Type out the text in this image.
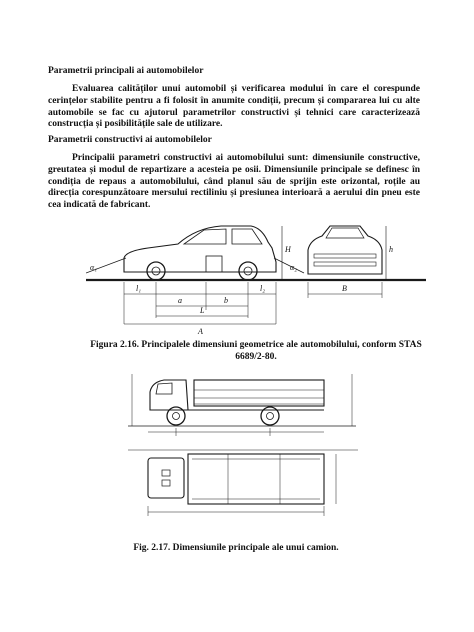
Parametrii principali ai automobilelor
Evaluarea calităților unui automobil și verificarea modului în care el corespunde cerințelor stabilite pentru a fi folosit în anumite condiții, precum și compararea lui cu alte automobile se fac cu ajutorul parametrilor constructivi și tehnici care caracterizează construcția și posibilitățile sale de utilizare.
Parametrii constructivi ai automobilelor
Principalii parametri constructivi ai automobilului sunt: dimensiunile constructive, greutatea și modul de repartizare a acesteia pe osii. Dimensiunile principale se definesc în condiția de repaus a automobilului, când planul său de sprijin este orizontal, roțile au direcția corespunzătoare mersului rectiliniu și presiunea interioară a aerului din pneu este cea indicată de fabricant.
α₁	α₂
H	h
B
l₁	l₂
a	b
L
A
Figura 2.16. Principalele dimensiuni geometrice ale automobilului, conform STAS 6689/2-80.
Fig. 2.17. Dimensiunile principale ale unui camion.
